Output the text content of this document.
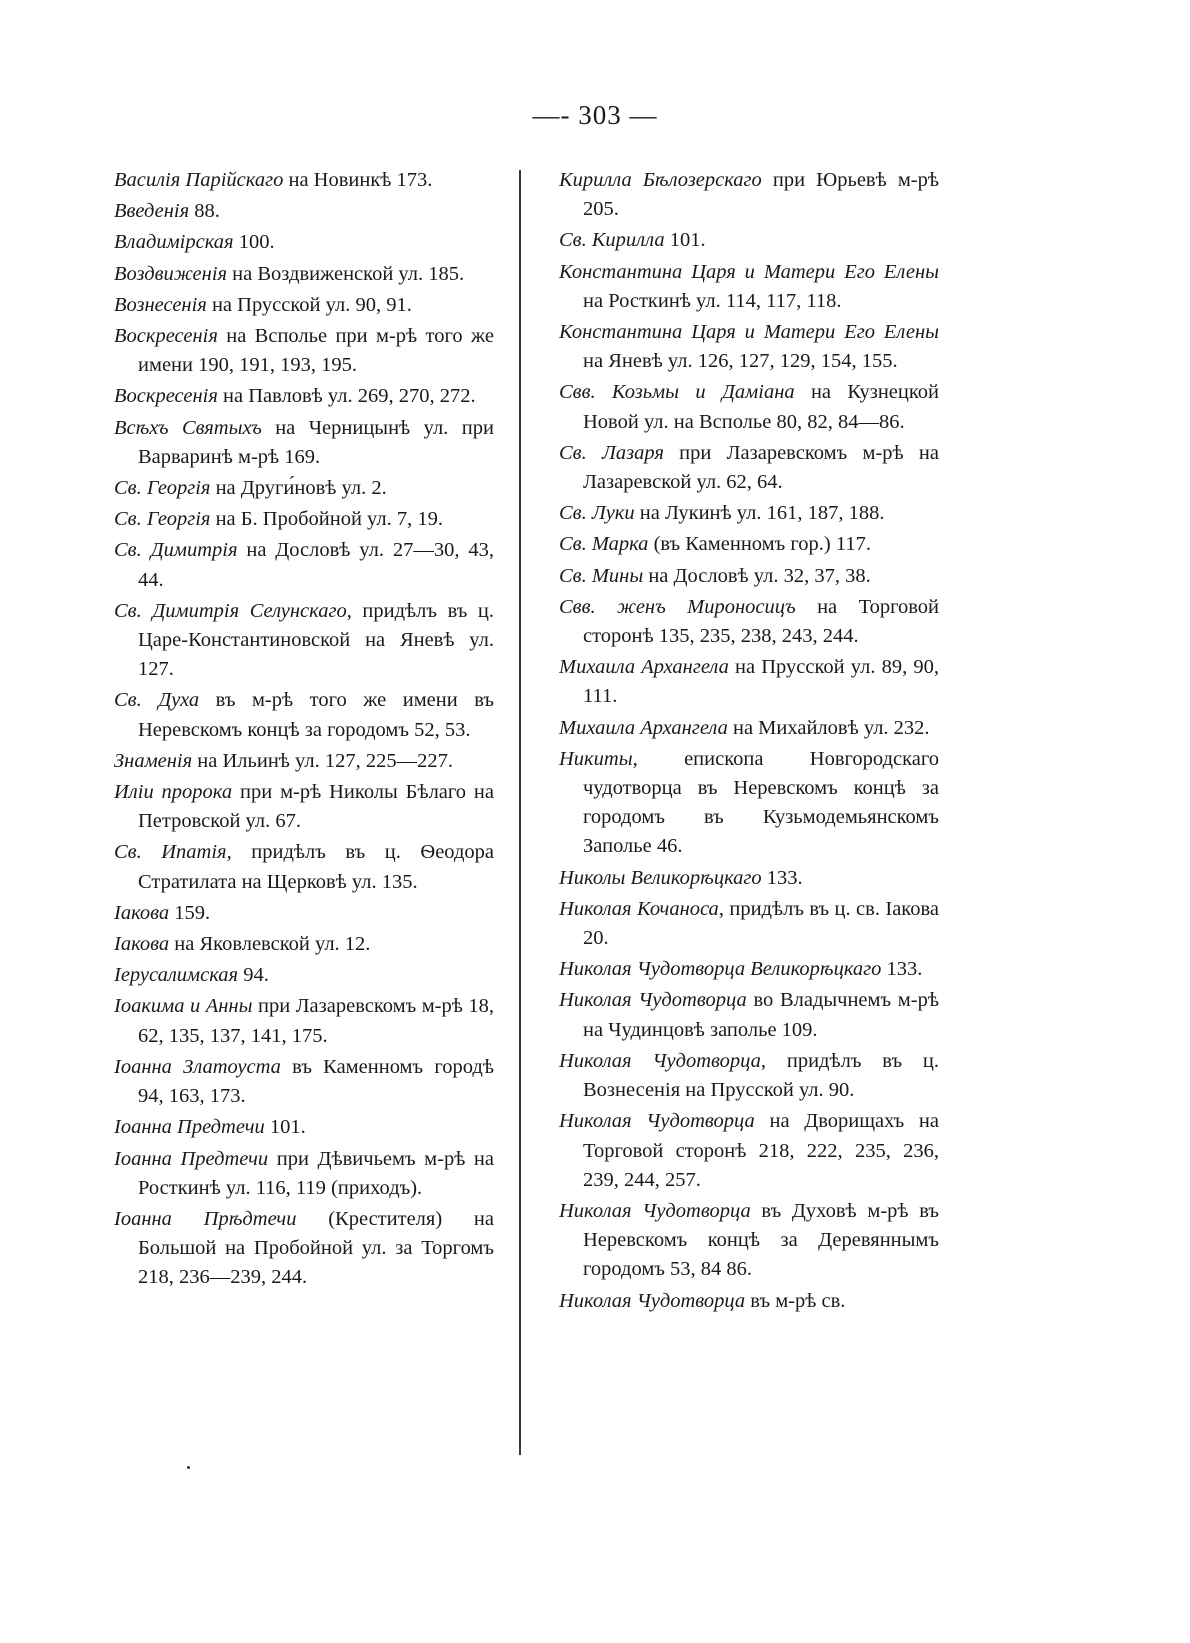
—- 303 —

Василія Парійскаго на Новинкѣ 173.

Введенія 88.

Владимірская 100.

Воздвиженія на Воздвиженской ул. 185.

Вознесенія на Прусской ул. 90, 91.

Воскресенія на Всполье при м-рѣ того же имени 190, 191, 193, 195.

Воскресенія на Павловѣ ул. 269, 270, 272.

Всѣхъ Святыхъ на Черницынѣ ул. при Варваринѣ м-рѣ 169.

Св. Георгія на Други́новѣ ул. 2.

Св. Георгія на Б. Пробойной ул. 7, 19.

Св. Димитрія на Дословѣ ул. 27—30, 43, 44.

Св. Димитрія Селунскаго, придѣлъ въ ц. Царе-Константиновской на Яневѣ ул. 127.

Св. Духа въ м-рѣ того же имени въ Неревскомъ концѣ за городомъ 52, 53.

Знаменія на Ильинѣ ул. 127, 225—227.

Иліи пророка при м-рѣ Николы Бѣлаго на Петровской ул. 67.

Св. Ипатія, придѣлъ въ ц. Ѳеодора Стратилата на Щерковѣ ул. 135.

Іакова 159.

Іакова на Яковлевской ул. 12.

Іерусалимская 94.

Іоакима и Анны при Лазаревскомъ м-рѣ 18, 62, 135, 137, 141, 175.

Іоанна Златоуста въ Каменномъ городѣ 94, 163, 173.

Іоанна Предтечи 101.

Іоанна Предтечи при Дѣвичьемъ м-рѣ на Росткинѣ ул. 116, 119 (приходъ).

Іоанна Прѣдтечи (Крестителя) на Большой на Пробойной ул. за Торгомъ 218, 236—239, 244.

Кирилла Бѣлозерскаго при Юрьевѣ м-рѣ 205.

Св. Кирилла 101.

Константина Царя и Матери Его Елены на Росткинѣ ул. 114, 117, 118.

Константина Царя и Матери Его Елены на Яневѣ ул. 126, 127, 129, 154, 155.

Свв. Козьмы и Даміана на Кузнецкой Новой ул. на Всполье 80, 82, 84—86.

Св. Лазаря при Лазаревскомъ м-рѣ на Лазаревской ул. 62, 64.

Св. Луки на Лукинѣ ул. 161, 187, 188.

Св. Марка (въ Каменномъ гор.) 117.

Св. Мины на Дословѣ ул. 32, 37, 38.

Свв. женъ Мироносицъ на Торговой сторонѣ 135, 235, 238, 243, 244.

Михаила Архангела на Прусской ул. 89, 90, 111.

Михаила Архангела на Михайловѣ ул. 232.

Никиты, епископа Новгородскаго чудотворца въ Неревскомъ концѣ за городомъ въ Кузьмодемьянскомъ Заполье 46.

Николы Великорѣцкаго 133.

Николая Кочаноса, придѣлъ въ ц. св. Іакова 20.

Николая Чудотворца Великорѣцкаго 133.

Николая Чудотворца во Владычнемъ м-рѣ на Чудинцовѣ заполье 109.

Николая Чудотворца, придѣлъ въ ц. Вознесенія на Прусской ул. 90.

Николая Чудотворца на Дворищахъ на Торговой сторонѣ 218, 222, 235, 236, 239, 244, 257.

Николая Чудотворца въ Духовѣ м-рѣ въ Неревскомъ концѣ за Деревяннымъ городомъ 53, 84 86.

Николая Чудотворца въ м-рѣ св.
